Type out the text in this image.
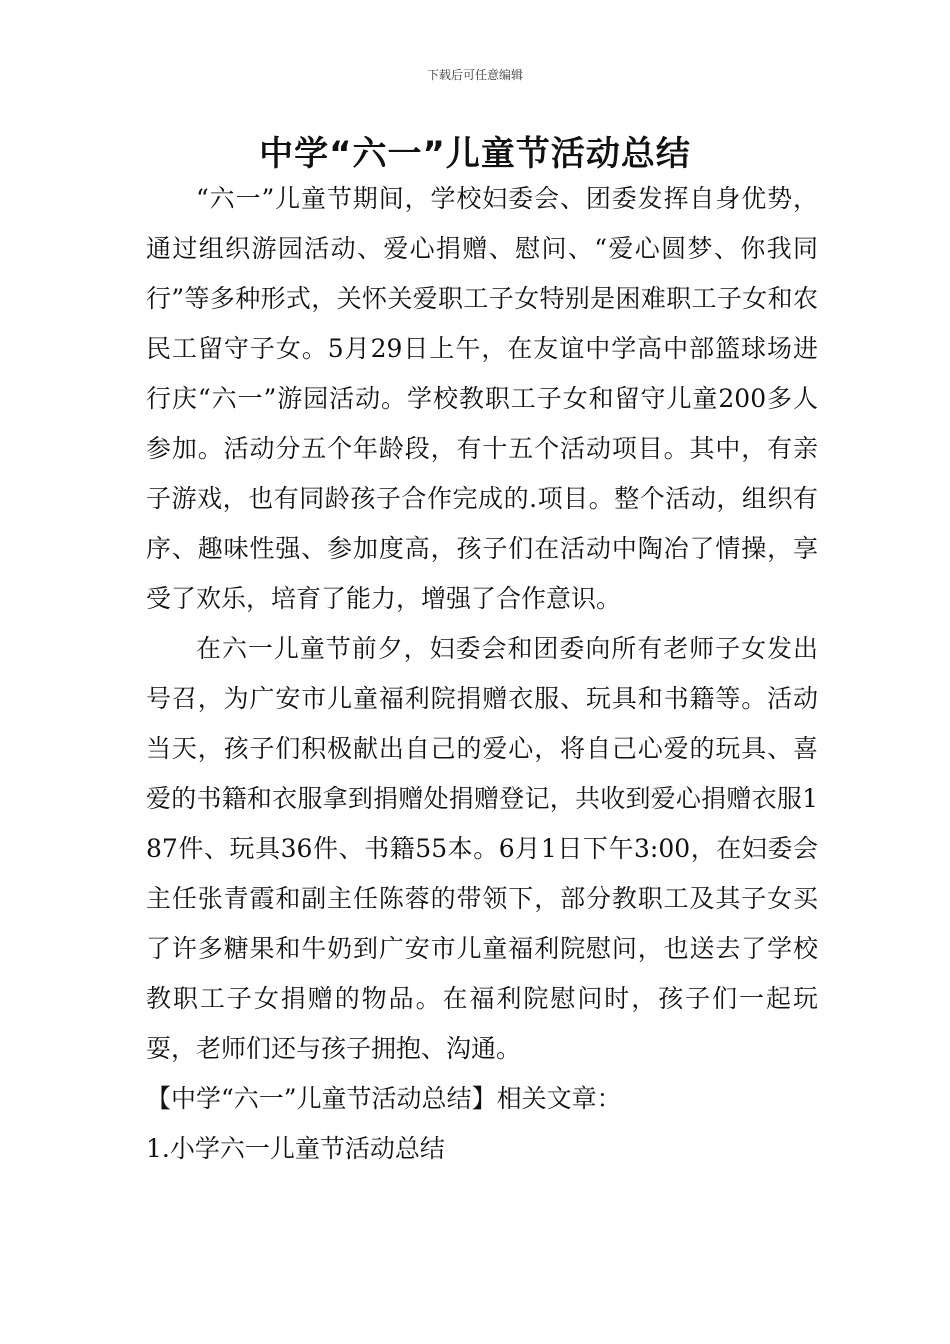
下载后可任意编辑
中学“六一”儿童节活动总结

“六一”儿童节期间，学校妇委会、团委发挥自身优势，通过组织游园活动、爱心捐赠、慰问、“爱心圆梦、你我同行”等多种形式，关怀关爱职工子女特别是困难职工子女和农民工留守子女。5月29日上午，在友谊中学高中部篮球场进行庆“六一”游园活动。学校教职工子女和留守儿童200多人参加。活动分五个年龄段，有十五个活动项目。其中，有亲子游戏，也有同龄孩子合作完成的.项目。整个活动，组织有序、趣味性强、参加度高，孩子们在活动中陶冶了情操，享受了欢乐，培育了能力，增强了合作意识。

在六一儿童节前夕，妇委会和团委向所有老师子女发出号召，为广安市儿童福利院捐赠衣服、玩具和书籍等。活动当天，孩子们积极献出自己的爱心，将自己心爱的玩具、喜爱的书籍和衣服拿到捐赠处捐赠登记，共收到爱心捐赠衣服187件、玩具36件、书籍55本。6月1日下午3:00，在妇委会主任张青霞和副主任陈蓉的带领下，部分教职工及其子女买了许多糖果和牛奶到广安市儿童福利院慰问，也送去了学校教职工子女捐赠的物品。在福利院慰问时，孩子们一起玩耍，老师们还与孩子拥抱、沟通。

【中学“六一”儿童节活动总结】相关文章：

1.小学六一儿童节活动总结
